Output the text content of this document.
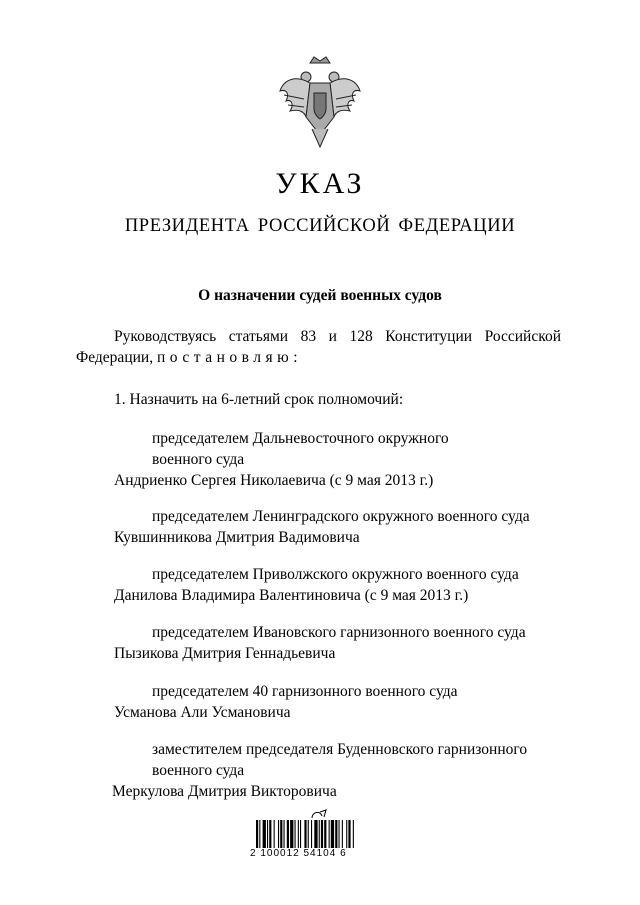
УКАЗ
ПРЕЗИДЕНТА РОССИЙСКОЙ ФЕДЕРАЦИИ
О назначении судей военных судов

Руководствуясь статьями 83 и 128 Конституции Российской
Федерации, постановляю:

1. Назначить на 6-летний срок полномочий:
председателем Дальневосточного окружного
военного суда
Андриенко Сергея Николаевича (с 9 мая 2013 г.)
председателем Ленинградского окружного военного суда
Кувшинникова Дмитрия Вадимовича
председателем Приволжского окружного военного суда
Данилова Владимира Валентиновича (с 9 мая 2013 г.)
председателем Ивановского гарнизонного военного суда
Пызикова Дмитрия Геннадьевича
председателем 40 гарнизонного военного суда
Усманова Али Усмановича
заместителем председателя Буденновского гарнизонного
военного суда
Меркулова Дмитрия Викторовича
2 100012 54104 6
